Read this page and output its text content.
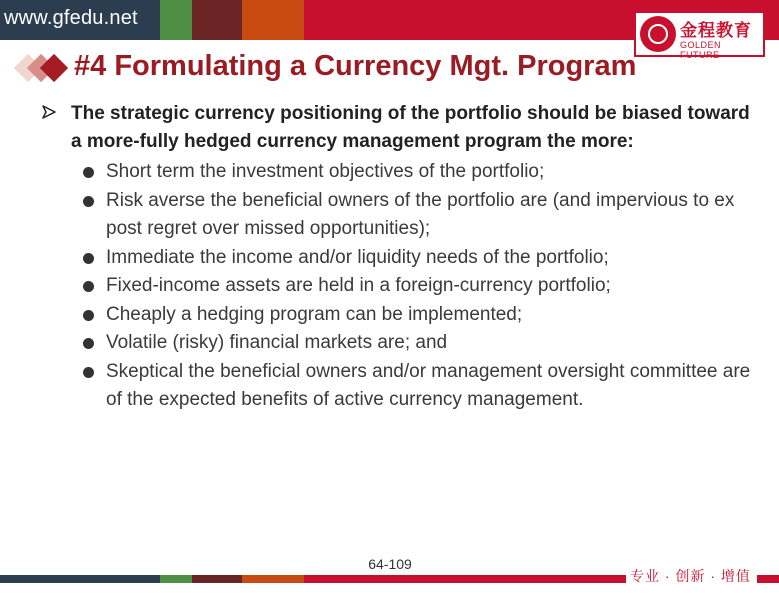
www.gfedu.net
金程教育
GOLDEN FUTURE
#4 Formulating a Currency Mgt. Program
The strategic currency positioning of the portfolio should be biased toward a more-fully hedged currency management program the more:
Short term the investment objectives of the portfolio;
Risk averse the beneficial owners of the portfolio are (and impervious to ex post regret over missed opportunities);
Immediate the income and/or liquidity needs of the portfolio;
Fixed-income assets are held in a foreign-currency portfolio;
Cheaply a hedging program can be implemented;
Volatile (risky) financial markets are; and
Skeptical the beneficial owners and/or management oversight committee are of the expected benefits of active currency management.
64-109
专业 · 创新 · 增值
